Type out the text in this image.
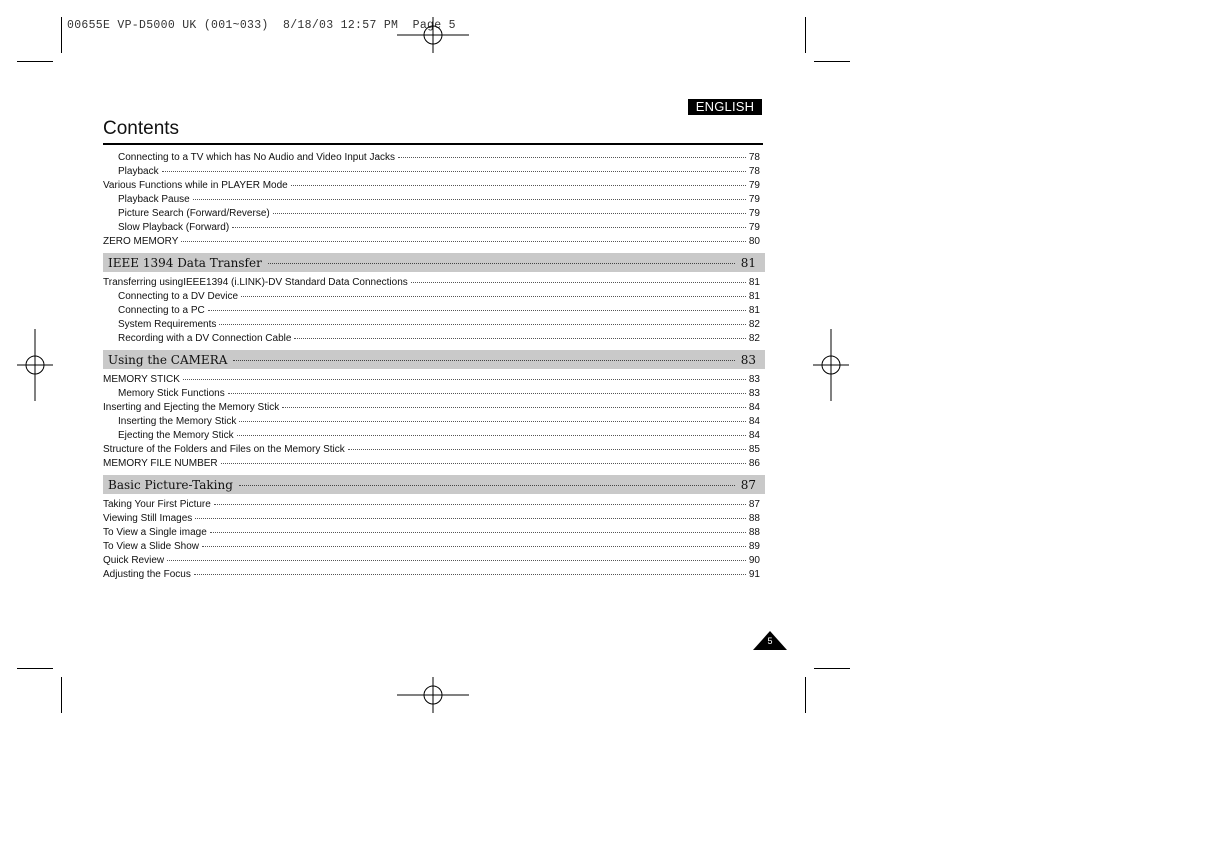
00655E VP-D5000 UK (001~033)  8/18/03 12:57 PM  Page 5
ENGLISH
Contents
Connecting to a TV which has No Audio and Video Input Jacks	78
Playback	78
Various Functions while in PLAYER Mode	79
Playback Pause	79
Picture Search (Forward/Reverse)	79
Slow Playback (Forward)	79
ZERO MEMORY	80
IEEE 1394 Data Transfer	81
Transferring usingIEEE1394 (i.LINK)-DV Standard Data Connections	81
Connecting to a DV Device	81
Connecting to a PC	81
System Requirements	82
Recording with a DV Connection Cable	82
Using the CAMERA	83
MEMORY STICK	83
Memory Stick Functions	83
Inserting and Ejecting the Memory Stick	84
Inserting the Memory Stick	84
Ejecting the Memory Stick	84
Structure of the Folders and Files on the Memory Stick	85
MEMORY FILE NUMBER	86
Basic Picture-Taking	87
Taking Your First Picture	87
Viewing Still Images	88
To View a Single image	88
To View a Slide Show	89
Quick Review	90
Adjusting the Focus	91
5
